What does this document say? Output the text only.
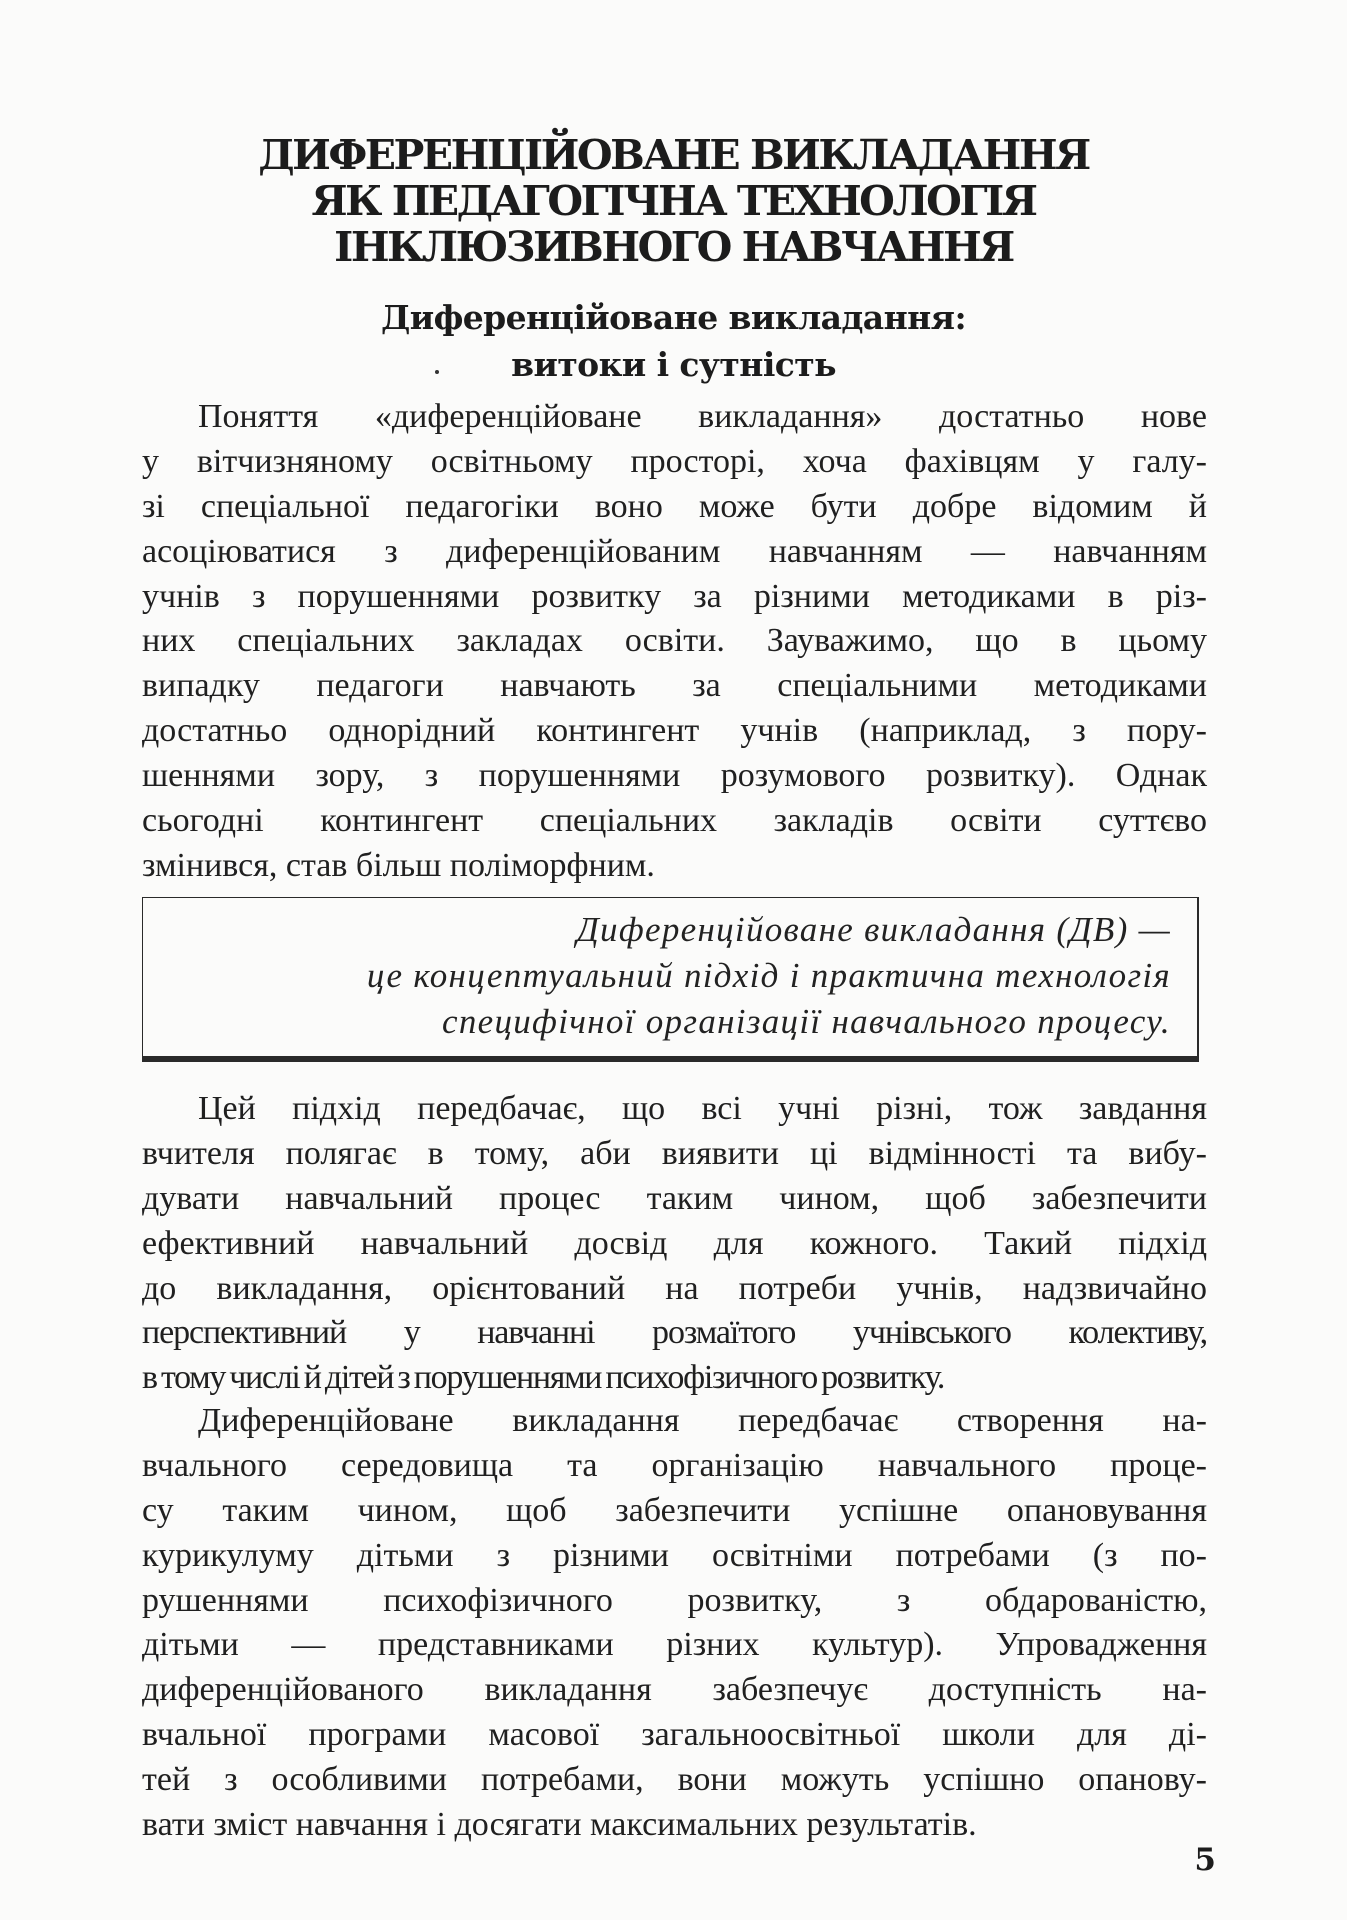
ДИФЕРЕНЦІЙОВАНЕ ВИКЛАДАННЯ
ЯК ПЕДАГОГІЧНА ТЕХНОЛОГІЯ
ІНКЛЮЗИВНОГО НАВЧАННЯ
Диференційоване викладання:
витоки і сутність
Поняття «диференційоване викладання» достатньо нове
у вітчизняному освітньому просторі, хоча фахівцям у галу-
зі спеціальної педагогіки воно може бути добре відомим й
асоціюватися з диференційованим навчанням — навчанням
учнів з порушеннями розвитку за різними методиками в різ-
них спеціальних закладах освіти. Зауважимо, що в цьому
випадку педагоги навчають за спеціальними методиками
достатньо однорідний контингент учнів (наприклад, з пору-
шеннями зору, з порушеннями розумового розвитку). Однак
сьогодні контингент спеціальних закладів освіти суттєво
змінився, став більш поліморфним.
Диференційоване викладання (ДВ) —
це концептуальний підхід і практична технологія
специфічної організації навчального процесу.
Цей підхід передбачає, що всі учні різні, тож завдання
вчителя полягає в тому, аби виявити ці відмінності та вибу-
дувати навчальний процес таким чином, щоб забезпечити
ефективний навчальний досвід для кожного. Такий підхід
до викладання, орієнтований на потреби учнів, надзвичайно
перспективний у навчанні розмаїтого учнівського колективу,
в тому числі й дітей з порушеннями психофізичного розвитку.
Диференційоване викладання передбачає створення на-
вчального середовища та організацію навчального проце-
су таким чином, щоб забезпечити успішне опановування
курикулуму дітьми з різними освітніми потребами (з по-
рушеннями психофізичного розвитку, з обдарованістю,
дітьми — представниками різних культур). Упровадження
диференційованого викладання забезпечує доступність на-
вчальної програми масової загальноосвітньої школи для ді-
тей з особливими потребами, вони можуть успішно опанову-
вати зміст навчання і досягати максимальних результатів.
5
